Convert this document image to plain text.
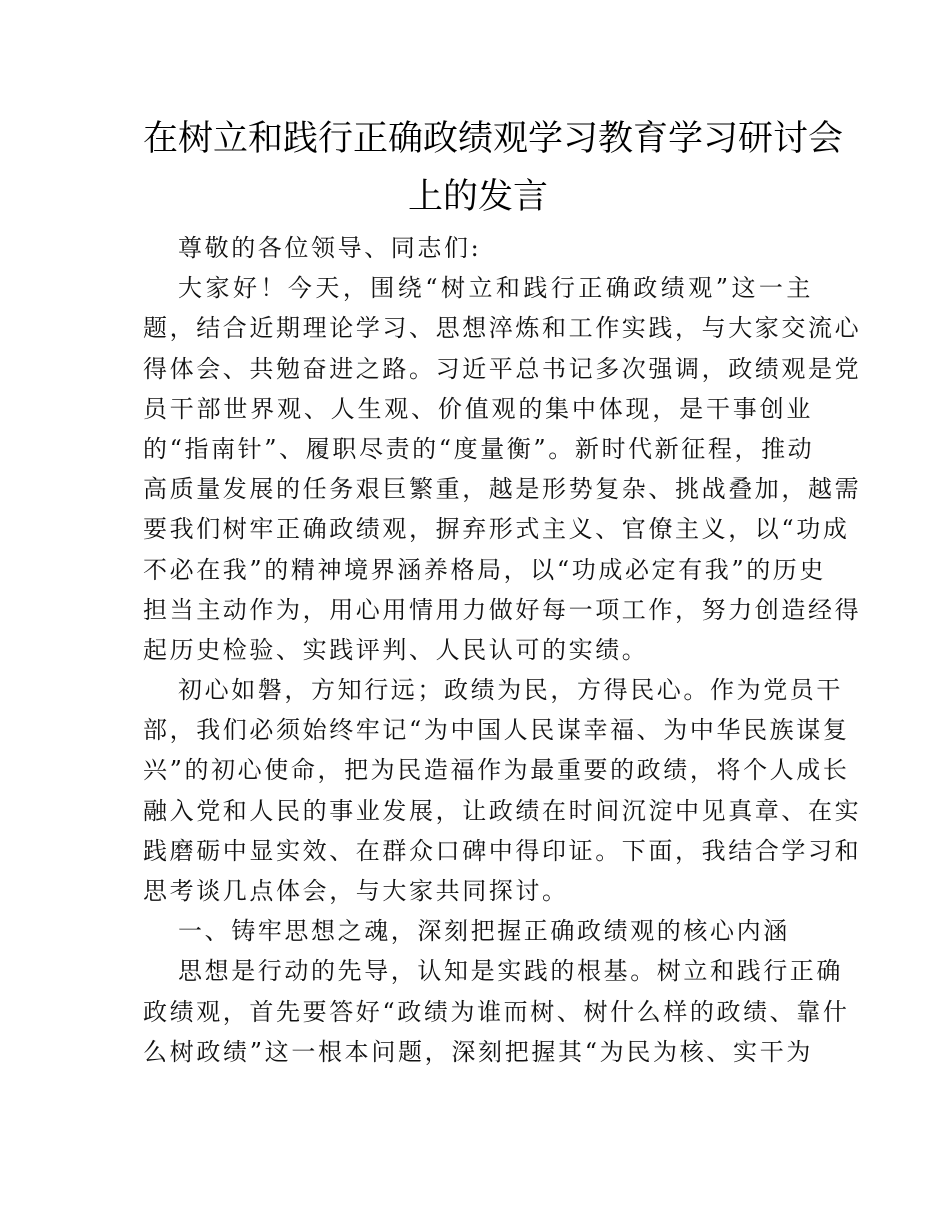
在树立和践行正确政绩观学习教育学习研讨会
上的发言
尊敬的各位领导、同志们:
大家好！今天，围绕“树立和践行正确政绩观”这一主
题，结合近期理论学习、思想淬炼和工作实践，与大家交流心
得体会、共勉奋进之路。习近平总书记多次强调，政绩观是党
员干部世界观、人生观、价值观的集中体现，是干事创业
的“指南针”、履职尽责的“度量衡”。新时代新征程，推动
高质量发展的任务艰巨繁重，越是形势复杂、挑战叠加，越需
要我们树牢正确政绩观，摒弃形式主义、官僚主义，以“功成
不必在我”的精神境界涵养格局，以“功成必定有我”的历史
担当主动作为，用心用情用力做好每一项工作，努力创造经得
起历史检验、实践评判、人民认可的实绩。
初心如磐，方知行远；政绩为民，方得民心。作为党员干
部，我们必须始终牢记“为中国人民谋幸福、为中华民族谋复
兴”的初心使命，把为民造福作为最重要的政绩，将个人成长
融入党和人民的事业发展，让政绩在时间沉淀中见真章、在实
践磨砺中显实效、在群众口碑中得印证。下面，我结合学习和
思考谈几点体会，与大家共同探讨。
一、铸牢思想之魂，深刻把握正确政绩观的核心内涵
思想是行动的先导，认知是实践的根基。树立和践行正确
政绩观，首先要答好“政绩为谁而树、树什么样的政绩、靠什
么树政绩”这一根本问题，深刻把握其“为民为核、实干为
